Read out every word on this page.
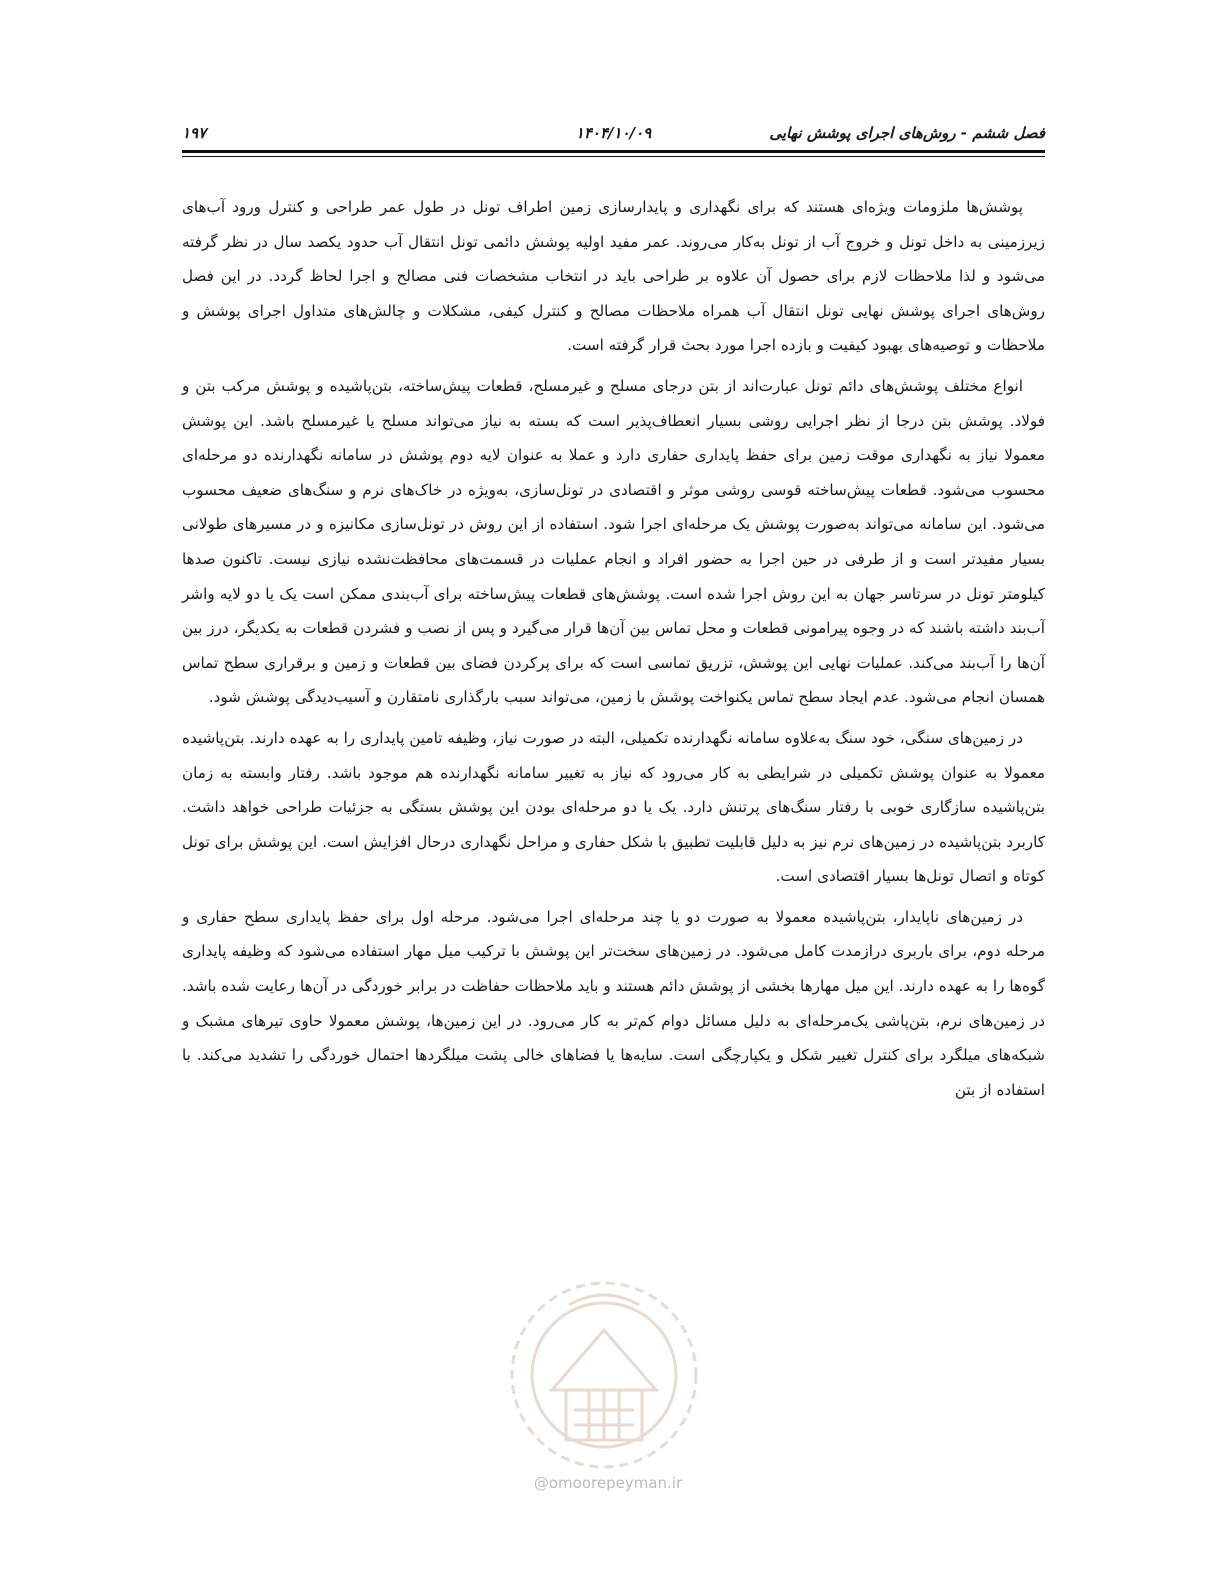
فصل ششم - روش‌های اجرای پوشش نهایی
۱۴۰۴/۱۰/۰۹
۱۹۷
@omoorepeyman.ir

پوشش‌ها ملزومات ویژه‌ای هستند که برای نگهداری و پایدارسازی زمین اطراف تونل در طول عمر طراحی و کنترل ورود آب‌های زیرزمینی به داخل تونل و خروج آب از تونل به‌کار می‌روند. عمر مفید اولیه پوشش دائمی تونل انتقال آب حدود یکصد سال در نظر گرفته می‌شود و لذا ملاحظات لازم برای حصول آن علاوه بر طراحی باید در انتخاب مشخصات فنی مصالح و اجرا لحاظ گردد. در این فصل روش‌های اجرای پوشش نهایی تونل انتقال آب همراه ملاحظات مصالح و کنترل کیفی، مشکلات و چالش‌های متداول اجرای پوشش و ملاحظات و توصیه‌های بهبود کیفیت و بازده اجرا مورد بحث قرار گرفته است.

انواع مختلف پوشش‌های دائم تونل عبارت‌اند از بتن درجای مسلح و غیرمسلح، قطعات پیش‌ساخته، بتن‌پاشیده و پوشش مرکب بتن و فولاد. پوشش بتن درجا از نظر اجرایی روشی بسیار انعطاف‌پذیر است که بسته به نیاز می‌تواند مسلح یا غیرمسلح باشد. این پوشش معمولا نیاز به نگهداری موقت زمین برای حفظ پایداری حفاری دارد و عملا به عنوان لایه دوم پوشش در سامانه نگهدارنده دو مرحله‌ای محسوب می‌شود. قطعات پیش‌ساخته قوسی روشی موثر و اقتصادی در تونل‌سازی، به‌ویژه در خاک‌های نرم و سنگ‌های ضعیف محسوب می‌شود. این سامانه می‌تواند به‌صورت پوشش یک مرحله‌ای اجرا شود. استفاده از این روش در تونل‌سازی مکانیزه و در مسیرهای طولانی بسیار مفیدتر است و از طرفی در حین اجرا به حضور افراد و انجام عملیات در قسمت‌های محافظت‌نشده نیازی نیست. تاکنون صدها کیلومتر تونل در سرتاسر جهان به این روش اجرا شده است. پوشش‌های قطعات پیش‌ساخته برای آب‌بندی ممکن است یک یا دو لایه واشر آب‌بند داشته باشند که در وجوه پیرامونی قطعات و محل تماس بین آن‌ها قرار می‌گیرد و پس از نصب و فشردن قطعات به یکدیگر، درز بین آن‌ها را آب‌بند می‌کند. عملیات نهایی این پوشش، تزریق تماسی است که برای پرکردن فضای بین قطعات و زمین و برقراری سطح تماس همسان انجام می‌شود. عدم ایجاد سطح تماس یکنواخت پوشش با زمین، می‌تواند سبب بارگذاری نامتقارن و آسیب‌دیدگی پوشش شود.

در زمین‌های سنگی، خود سنگ به‌علاوه سامانه نگهدارنده تکمیلی، البته در صورت نیاز، وظیفه تامین پایداری را به عهده دارند. بتن‌پاشیده معمولا به عنوان پوشش تکمیلی در شرایطی به کار می‌رود که نیاز به تغییر سامانه نگهدارنده هم موجود باشد. رفتار وابسته به زمان بتن‌پاشیده سازگاری خوبی با رفتار سنگ‌های پرتنش دارد. یک یا دو مرحله‌ای بودن این پوشش بستگی به جزئیات طراحی خواهد داشت. کاربرد بتن‌پاشیده در زمین‌های نرم نیز به دلیل قابلیت تطبیق با شکل حفاری و مراحل نگهداری درحال افزایش است. این پوشش برای تونل کوتاه و اتصال تونل‌ها بسیار اقتصادی است.

در زمین‌های ناپایدار، بتن‌پاشیده معمولا به صورت دو یا چند مرحله‌ای اجرا می‌شود. مرحله اول برای حفظ پایداری سطح حفاری و مرحله دوم، برای باربری درازمدت کامل می‌شود. در زمین‌های سخت‌تر این پوشش با ترکیب میل مهار استفاده می‌شود که وظیفه پایداری گوه‌ها را به عهده دارند. این میل مهارها بخشی از پوشش دائم هستند و باید ملاحظات حفاظت در برابر خوردگی در آن‌ها رعایت شده باشد. در زمین‌های نرم، بتن‌پاشی یک‌مرحله‌ای به دلیل مسائل دوام کم‌تر به کار می‌رود. در این زمین‌ها، پوشش معمولا حاوی تیرهای مشبک و شبکه‌های میلگرد برای کنترل تغییر شکل و یکپارچگی است. سایه‌ها یا فضاهای خالی پشت میلگردها احتمال خوردگی را تشدید می‌کند. با استفاده از بتن
